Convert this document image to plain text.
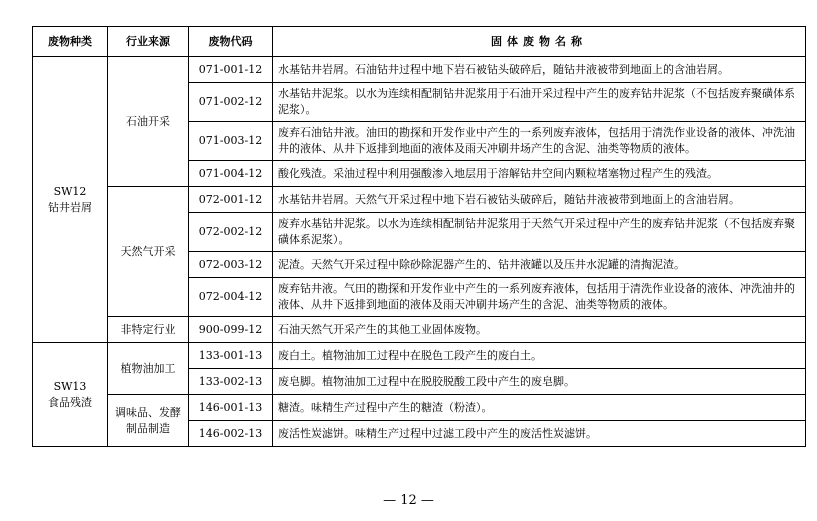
废物种类	行业来源	废物代码	固体废物名称

SW12
钻井岩屑	石油开采	071-001-12	水基钻井岩屑。石油钻井过程中地下岩石被钻头破碎后，随钻井液被带到地面上的含油岩屑。
		071-002-12	水基钻井泥浆。以水为连续相配制钻井泥浆用于石油开采过程中产生的废弃钻井泥浆（不包括废弃聚磺体系泥浆）。
		071-003-12	废弃石油钻井液。油田的勘探和开发作业中产生的一系列废弃液体，包括用于清洗作业设备的液体、冲洗油井的液体、从井下返排到地面的液体及雨天冲刷井场产生的含泥、油类等物质的液体。
		071-004-12	酸化残渣。采油过程中利用强酸渗入地层用于溶解钻井空间内颗粒堵塞物过程产生的残渣。
	天然气开采	072-001-12	水基钻井岩屑。天然气开采过程中地下岩石被钻头破碎后，随钻井液被带到地面上的含油岩屑。
		072-002-12	废弃水基钻井泥浆。以水为连续相配制钻井泥浆用于天然气开采过程中产生的废弃钻井泥浆（不包括废弃聚磺体系泥浆）。
		072-003-12	泥渣。天然气开采过程中除砂除泥器产生的、钻井液罐以及压井水泥罐的清掏泥渣。
		072-004-12	废弃钻井液。气田的勘探和开发作业中产生的一系列废弃液体，包括用于清洗作业设备的液体、冲洗油井的液体、从井下返排到地面的液体及雨天冲刷井场产生的含泥、油类等物质的液体。
	非特定行业	900-099-12	石油天然气开采产生的其他工业固体废物。

SW13
食品残渣	植物油加工	133-001-13	废白土。植物油加工过程中在脱色工段产生的废白土。
		133-002-13	废皂脚。植物油加工过程中在脱胶脱酸工段中产生的废皂脚。
	调味品、发酵制品制造	146-001-13	糖渣。味精生产过程中产生的糖渣（粉渣）。
		146-002-13	废活性炭滤饼。味精生产过程中过滤工段中产生的废活性炭滤饼。
— 12 —
